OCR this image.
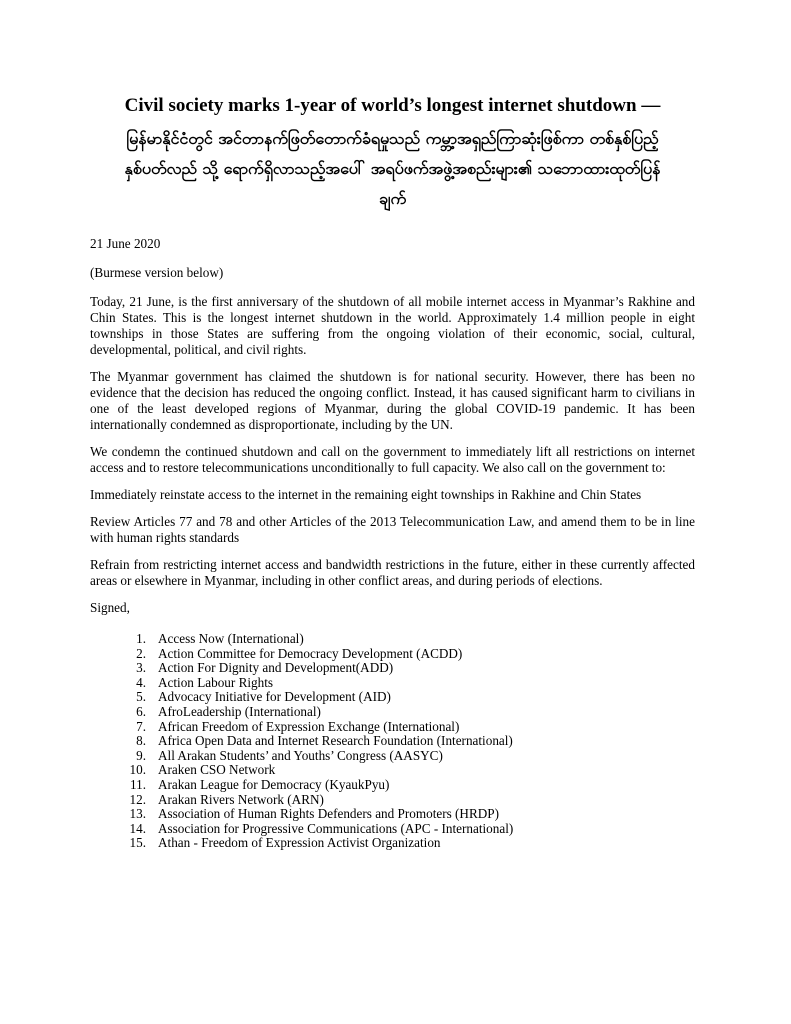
Civil society marks 1-year of world’s longest internet shutdown —
မြန်မာနိုင်ငံတွင် အင်တာနက်ဖြတ်တောက်ခံရမှုသည် ကမ္ဘာ့အရှည်ကြာဆုံးဖြစ်ကာ တစ်နှစ်ပြည့် နှစ်ပတ်လည် သို့ ရောက်ရှိလာသည့်အပေါ် အရပ်ဖက်အဖွဲ့အစည်းများ၏ သဘောထားထုတ်ပြန်ချက်

21 June 2020

(Burmese version below)

Today, 21 June, is the first anniversary of the shutdown of all mobile internet access in Myanmar’s Rakhine and Chin States. This is the longest internet shutdown in the world. Approximately 1.4 million people in eight townships in those States are suffering from the ongoing violation of their economic, social, cultural, developmental, political, and civil rights.

The Myanmar government has claimed the shutdown is for national security. However, there has been no evidence that the decision has reduced the ongoing conflict. Instead, it has caused significant harm to civilians in one of the least developed regions of Myanmar, during the global COVID-19 pandemic. It has been internationally condemned as disproportionate, including by the UN.

We condemn the continued shutdown and call on the government to immediately lift all restrictions on internet access and to restore telecommunications unconditionally to full capacity. We also call on the government to:

Immediately reinstate access to the internet in the remaining eight townships in Rakhine and Chin States

Review Articles 77 and 78 and other Articles of the 2013 Telecommunication Law, and amend them to be in line with human rights standards

Refrain from restricting internet access and bandwidth restrictions in the future, either in these currently affected areas or elsewhere in Myanmar, including in other conflict areas, and during periods of elections.

Signed,

1. Access Now (International)
2. Action Committee for Democracy Development (ACDD)
3. Action For Dignity and Development(ADD)
4. Action Labour Rights
5. Advocacy Initiative for Development (AID)
6. AfroLeadership (International)
7. African Freedom of Expression Exchange (International)
8. Africa Open Data and Internet Research Foundation (International)
9. All Arakan Students’ and Youths’ Congress (AASYC)
10. Araken CSO Network
11. Arakan League for Democracy (KyaukPyu)
12. Arakan Rivers Network (ARN)
13. Association of Human Rights Defenders and Promoters (HRDP)
14. Association for Progressive Communications (APC - International)
15. Athan - Freedom of Expression Activist Organization
